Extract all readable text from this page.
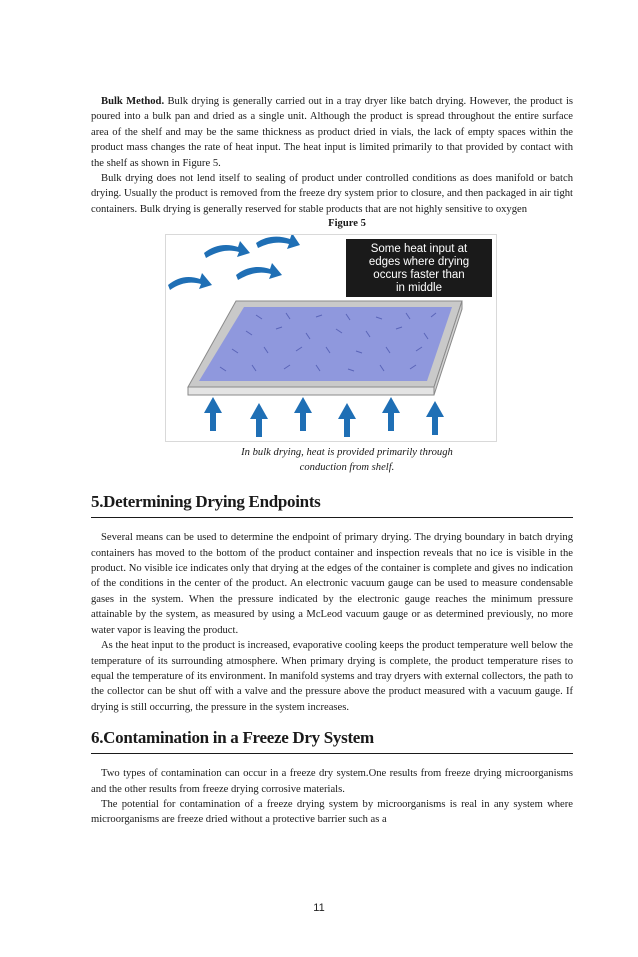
Bulk Method. Bulk drying is generally carried out in a tray dryer like batch drying. However, the product is poured into a bulk pan and dried as a single unit. Although the product is spread throughout the entire surface area of the shelf and may be the same thickness as product dried in vials, the lack of empty spaces within the product mass changes the rate of heat input. The heat input is limited primarily to that provided by contact with the shelf as shown in Figure 5.

Bulk drying does not lend itself to sealing of product under controlled conditions as does manifold or batch drying. Usually the product is removed from the freeze dry system prior to closure, and then packaged in air tight containers. Bulk drying is generally reserved for stable products that are not highly sensitive to oxygen

Figure 5
Some heat input at
edges where drying
occurs faster than
in middle
In bulk drying, heat is provided primarily through
conduction from shelf.
5.Determining Drying Endpoints

Several means can be used to determine the endpoint of primary drying. The drying boundary in batch drying containers has moved to the bottom of the product container and inspection reveals that no ice is visible in the product. No visible ice indicates only that drying at the edges of the container is complete and gives no indication of the conditions in the center of the product. An electronic vacuum gauge can be used to measure condensable gases in the system. When the pressure indicated by the electronic gauge reaches the minimum pressure attainable by the system, as measured by using a McLeod vacuum gauge or as determined previously, no more water vapor is leaving the product.

As the heat input to the product is increased, evaporative cooling keeps the product temperature well below the temperature of its surrounding atmosphere. When primary drying is complete, the product temperature rises to equal the temperature of its environment. In manifold systems and tray dryers with external collectors, the path to the collector can be shut off with a valve and the pressure above the product measured with a vacuum gauge. If drying is still occurring, the pressure in the system increases.

6.Contamination in a Freeze Dry System

Two types of contamination can occur in a freeze dry system.One results from freeze drying microorganisms and the other results from freeze drying corrosive materials.

The potential for contamination of a freeze drying system by microorganisms is real in any system where microorganisms are freeze dried without a protective barrier such as a

11
